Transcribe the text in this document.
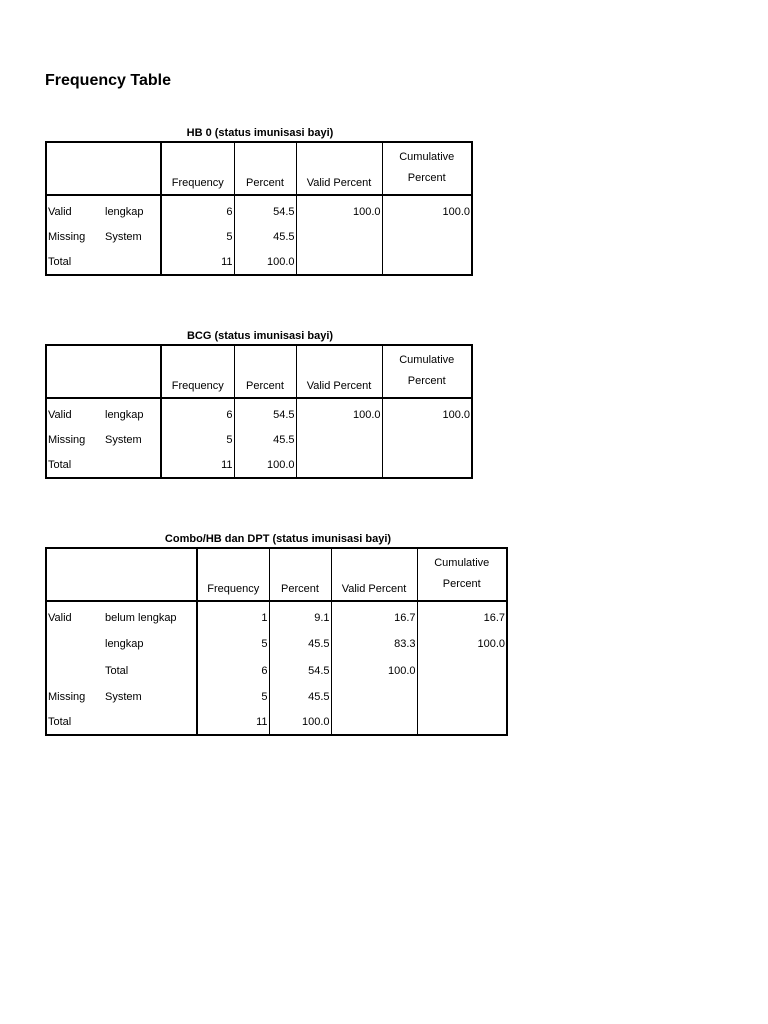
Frequency Table
HB 0 (status imunisasi bayi)
		Frequency	Percent	Valid Percent	Cumulative
Percent

Valid	lengkap	6	54.5	100.0	100.0
Missing	System	5	45.5		
Total		11	100.0		
BCG (status imunisasi bayi)
		Frequency	Percent	Valid Percent	Cumulative
Percent

Valid	lengkap	6	54.5	100.0	100.0
Missing	System	5	45.5		
Total		11	100.0		
Combo/HB dan DPT (status imunisasi bayi)
		Frequency	Percent	Valid Percent	Cumulative
Percent

Valid	belum lengkap	1	9.1	16.7	16.7
	lengkap	5	45.5	83.3	100.0
	Total	6	54.5	100.0	
Missing	System	5	45.5		
Total		11	100.0		
